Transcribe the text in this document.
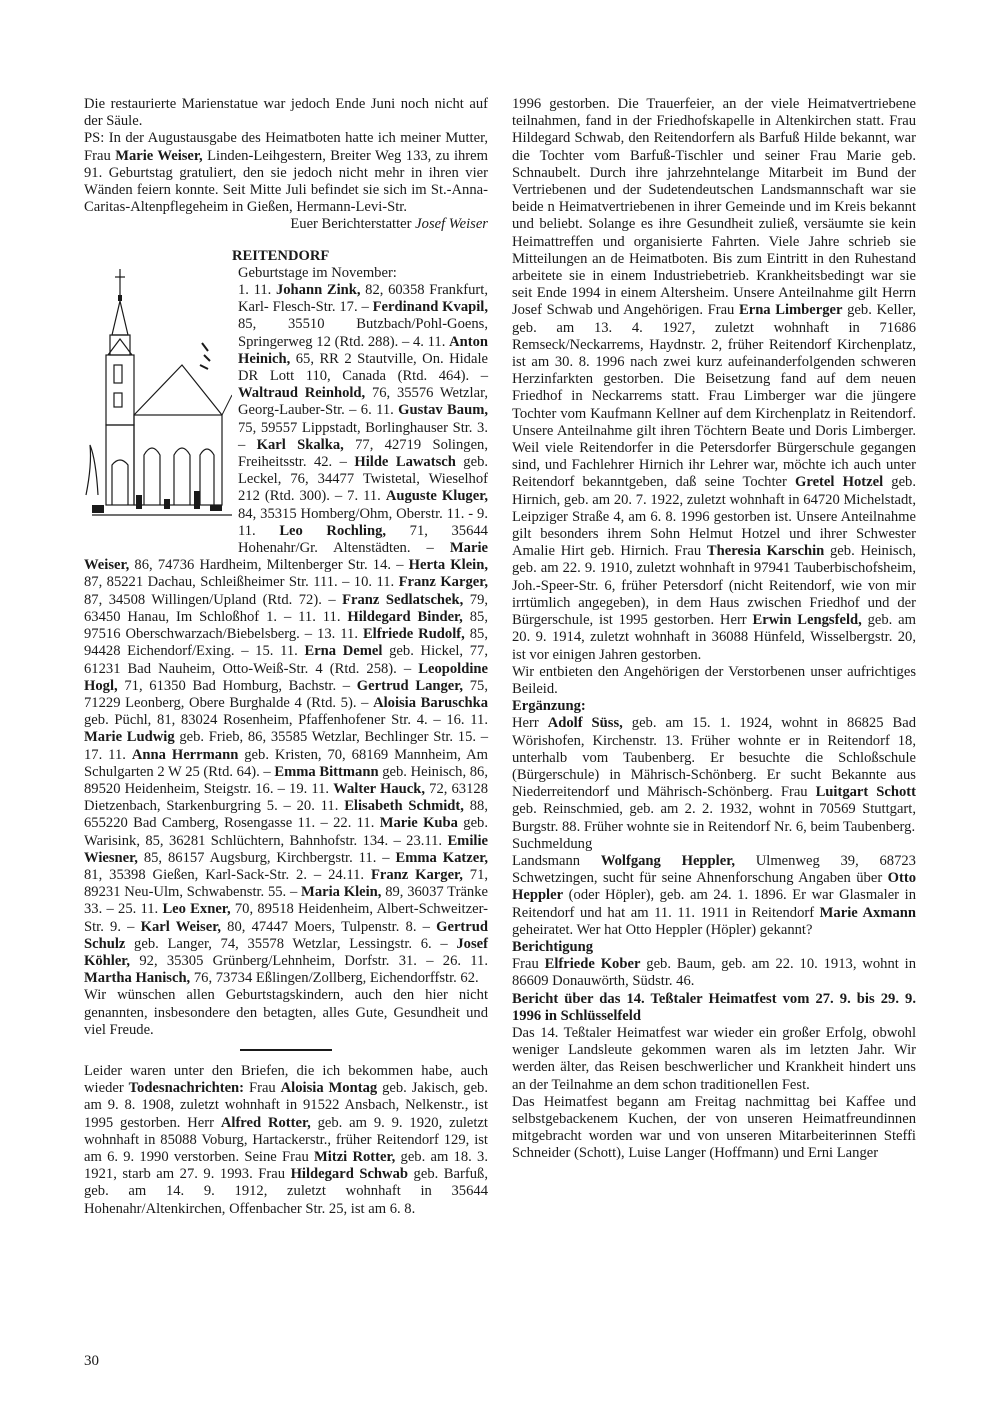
Die restaurierte Marienstatue war jedoch Ende Juni noch nicht auf der Säule.

PS: In der Augustausgabe des Heimatboten hatte ich meiner Mutter, Frau Marie Weiser, Linden-Leihgestern, Breiter Weg 133, zu ihrem 91. Geburtstag gratuliert, den sie jedoch nicht mehr in ihren vier Wänden feiern konnte. Seit Mitte Juli befindet sie sich im St.-Anna-Caritas-Altenpflegeheim in Gießen, Hermann-Levi-Str.

Euer Berichterstatter Josef Weiser

REITENDORF

Geburtstage im November:

1. 11. Johann Zink, 82, 60358 Frankfurt, Karl- Flesch-Str. 17. – Ferdinand Kvapil, 85, 35510 Butzbach/Pohl-Goens, Springerweg 12 (Rtd. 288). – 4. 11. Anton Heinich, 65, RR 2 Stautville, On. Hidale DR Lott 110, Canada (Rtd. 464). – Waltraud Reinhold, 76, 35576 Wetzlar, Georg-Lauber-Str. – 6. 11. Gustav Baum, 75, 59557 Lippstadt, Borlinghauser Str. 3. – Karl Skalka, 77, 42719 Solingen, Freiheitsstr. 42. – Hilde Lawatsch geb. Leckel, 76, 34477 Twistetal, Wieselhof 212 (Rtd. 300). – 7. 11. Auguste Kluger, 84, 35315 Homberg/Ohm, Oberstr. 11. - 9. 11. Leo Rochling, 71, 35644 Hohenahr/Gr. Altenstädten. – Marie Weiser, 86, 74736 Hardheim, Miltenberger Str. 14. – Herta Klein, 87, 85221 Dachau, Schleißheimer Str. 111. – 10. 11. Franz Karger, 87, 34508 Willingen/Upland (Rtd. 72). – Franz Sedlatschek, 79, 63450 Hanau, Im Schloßhof 1. – 11. 11. Hildegard Binder, 85, 97516 Oberschwarzach/Biebelsberg. – 13. 11. Elfriede Rudolf, 85, 94428 Eichendorf/Exing. – 15. 11. Erna Demel geb. Hickel, 77, 61231 Bad Nauheim, Otto-Weiß-Str. 4 (Rtd. 258). – Leopoldine Hogl, 71, 61350 Bad Homburg, Bachstr. – Gertrud Langer, 75, 71229 Leonberg, Obere Burghalde 4 (Rtd. 5). – Aloisia Baruschka geb. Püchl, 81, 83024 Rosenheim, Pfaffenhofener Str. 4. – 16. 11. Marie Ludwig geb. Frieb, 86, 35585 Wetzlar, Bechlinger Str. 15. – 17. 11. Anna Herrmann geb. Kristen, 70, 68169 Mannheim, Am Schulgarten 2 W 25 (Rtd. 64). – Emma Bittmann geb. Heinisch, 86, 89520 Heidenheim, Steigstr. 16. – 19. 11. Walter Hauck, 72, 63128 Dietzenbach, Starkenburgring 5. – 20. 11. Elisabeth Schmidt, 88, 655220 Bad Camberg, Rosengasse 11. – 22. 11. Marie Kuba geb. Warisink, 85, 36281 Schlüchtern, Bahnhofstr. 134. – 23.11. Emilie Wiesner, 85, 86157 Augsburg, Kirchbergstr. 11. – Emma Katzer, 81, 35398 Gießen, Karl-Sack-Str. 2. – 24.11. Franz Karger, 71, 89231 Neu-Ulm, Schwabenstr. 55. – Maria Klein, 89, 36037 Tränke 33. – 25. 11. Leo Exner, 70, 89518 Heidenheim, Albert-Schweitzer-Str. 9. – Karl Weiser, 80, 47447 Moers, Tulpenstr. 8. – Gertrud Schulz geb. Langer, 74, 35578 Wetzlar, Lessingstr. 6. – Josef Köhler, 92, 35305 Grünberg/Lehnheim, Dorfstr. 31. – 26. 11. Martha Hanisch, 76, 73734 Eßlingen/Zollberg, Eichendorffstr. 62.

Wir wünschen allen Geburtstagskindern, auch den hier nicht genannten, insbesondere den betagten, alles Gute, Gesundheit und viel Freude.

Leider waren unter den Briefen, die ich bekommen habe, auch wieder Todesnachrichten: Frau Aloisia Montag geb. Jakisch, geb. am 9. 8. 1908, zuletzt wohnhaft in 91522 Ansbach, Nelkenstr., ist 1995 gestorben. Herr Alfred Rotter, geb. am 9. 9. 1920, zuletzt wohnhaft in 85088 Voburg, Hartackerstr., früher Reitendorf 129, ist am 6. 9. 1990 verstorben. Seine Frau Mitzi Rotter, geb. am 18. 3. 1921, starb am 27. 9. 1993. Frau Hildegard Schwab geb. Barfuß, geb. am 14. 9. 1912, zuletzt wohnhaft in 35644 Hohenahr/Altenkirchen, Offenbacher Str. 25, ist am 6. 8.

1996 gestorben. Die Trauerfeier, an der viele Heimatvertriebene teilnahmen, fand in der Friedhofskapelle in Altenkirchen statt. Frau Hildegard Schwab, den Reitendorfern als Barfuß Hilde bekannt, war die Tochter vom Barfuß-Tischler und seiner Frau Marie geb. Schnaubelt. Durch ihre jahrzehntelange Mitarbeit im Bund der Vertriebenen und der Sudetendeutschen Landsmannschaft war sie beide n Heimatvertriebenen in ihrer Gemeinde und im Kreis bekannt und beliebt. Solange es ihre Gesundheit zuließ, versäumte sie kein Heimattreffen und organisierte Fahrten. Viele Jahre schrieb sie Mitteilungen an de Heimatboten. Bis zum Eintritt in den Ruhestand arbeitete sie in einem Industriebetrieb. Krankheitsbedingt war sie seit Ende 1994 in einem Altersheim. Unsere Anteilnahme gilt Herrn Josef Schwab und Angehörigen. Frau Erna Limberger geb. Keller, geb. am 13. 4. 1927, zuletzt wohnhaft in 71686 Remseck/Neckarrems, Haydnstr. 2, früher Reitendorf Kirchenplatz, ist am 30. 8. 1996 nach zwei kurz aufeinanderfolgenden schweren Herzinfarkten gestorben. Die Beisetzung fand auf dem neuen Friedhof in Neckarrems statt. Frau Limberger war die jüngere Tochter vom Kaufmann Kellner auf dem Kirchenplatz in Reitendorf. Unsere Anteilnahme gilt ihren Töchtern Beate und Doris Limberger. Weil viele Reitendorfer in die Petersdorfer Bürgerschule gegangen sind, und Fachlehrer Hirnich ihr Lehrer war, möchte ich auch unter Reitendorf bekanntgeben, daß seine Tochter Gretel Hotzel geb. Hirnich, geb. am 20. 7. 1922, zuletzt wohnhaft in 64720 Michelstadt, Leipziger Straße 4, am 6. 8. 1996 gestorben ist. Unsere Anteilnahme gilt besonders ihrem Sohn Helmut Hotzel und ihrer Schwester Amalie Hirt geb. Hirnich. Frau Theresia Karschin geb. Heinisch, geb. am 22. 9. 1910, zuletzt wohnhaft in 97941 Tauberbischofsheim, Joh.-Speer-Str. 6, früher Petersdorf (nicht Reitendorf, wie von mir irrtümlich angegeben), in dem Haus zwischen Friedhof und der Bürgerschule, ist 1995 gestorben. Herr Erwin Lengsfeld, geb. am 20. 9. 1914, zuletzt wohnhaft in 36088 Hünfeld, Wisselbergstr. 20, ist vor einigen Jahren gestorben.

Wir entbieten den Angehörigen der Verstorbenen unser aufrichtiges Beileid.

Ergänzung:

Herr Adolf Süss, geb. am 15. 1. 1924, wohnt in 86825 Bad Wörishofen, Kirchenstr. 13. Früher wohnte er in Reitendorf 18, unterhalb vom Taubenberg. Er besuchte die Schloßschule (Bürgerschule) in Mährisch-Schönberg. Er sucht Bekannte aus Niederreitendorf und Mährisch-Schönberg. Frau Luitgart Schott geb. Reinschmied, geb. am 2. 2. 1932, wohnt in 70569 Stuttgart, Burgstr. 88. Früher wohnte sie in Reitendorf Nr. 6, beim Taubenberg.

Suchmeldung

Landsmann Wolfgang Heppler, Ulmenweg 39, 68723 Schwetzingen, sucht für seine Ahnenforschung Angaben über Otto Heppler (oder Höpler), geb. am 24. 1. 1896. Er war Glasmaler in Reitendorf und hat am 11. 11. 1911 in Reitendorf Marie Axmann geheiratet. Wer hat Otto Heppler (Höpler) gekannt?

Berichtigung

Frau Elfriede Kober geb. Baum, geb. am 22. 10. 1913, wohnt in 86609 Donauwörth, Südstr. 46.

Bericht über das 14. Teßtaler Heimatfest vom 27. 9. bis 29. 9. 1996 in Schlüsselfeld

Das 14. Teßtaler Heimatfest war wieder ein großer Erfolg, obwohl weniger Landsleute gekommen waren als im letzten Jahr. Wir werden älter, das Reisen beschwerlicher und Krankheit hindert uns an der Teilnahme an dem schon traditionellen Fest.

Das Heimatfest begann am Freitag nachmittag bei Kaffee und selbstgebackenem Kuchen, der von unseren Heimatfreundinnen mitgebracht worden war und von unseren Mitarbeiterinnen Steffi Schneider (Schott), Luise Langer (Hoffmann) und Erni Langer

30
